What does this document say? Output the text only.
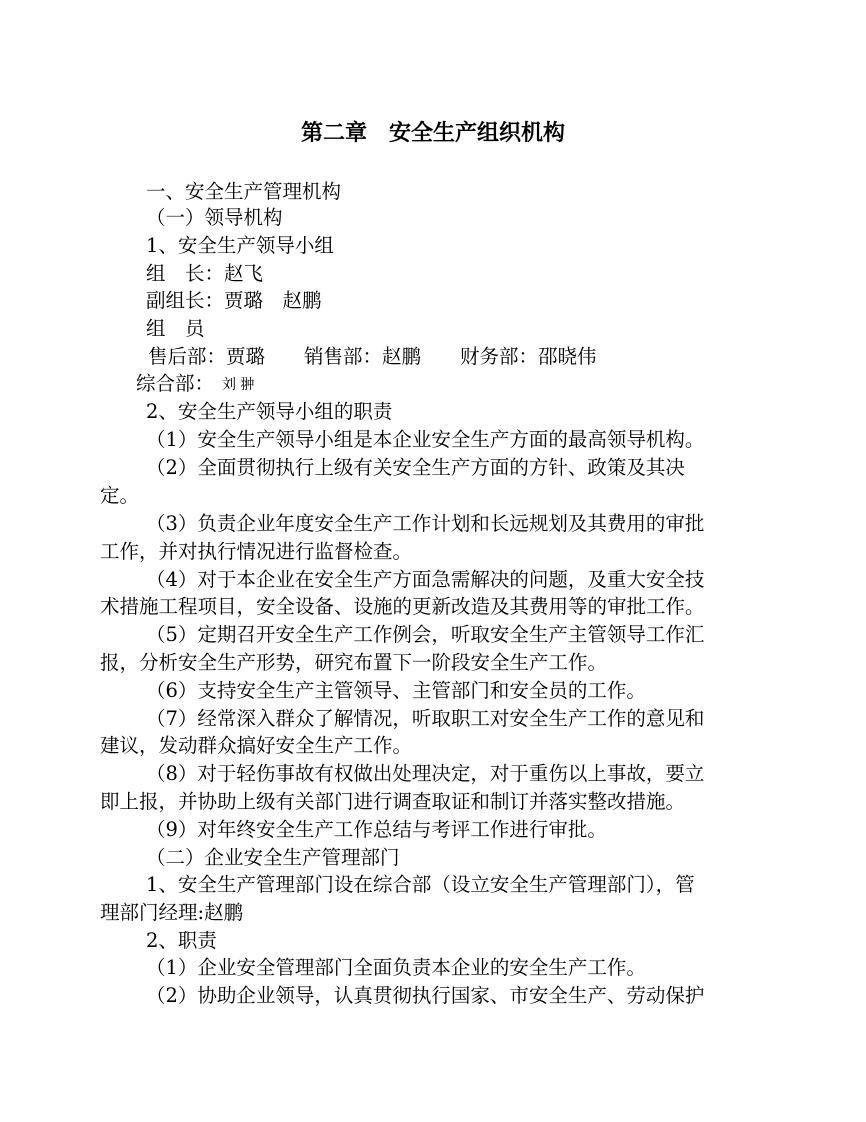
第二章　安全生产组织机构
一、安全生产管理机构
（一）领导机构
1、安全生产领导小组
组　长：赵飞
副组长：贾璐　赵鹏
组　员
售后部：贾璐　　销售部：赵鹏　　财务部：邵晓伟
综合部： 刘 翀
2、安全生产领导小组的职责
（1）安全生产领导小组是本企业安全生产方面的最高领导机构。
（2）全面贯彻执行上级有关安全生产方面的方针、政策及其决
定。
（3）负责企业年度安全生产工作计划和长远规划及其费用的审批
工作，并对执行情况进行监督检查。
（4）对于本企业在安全生产方面急需解决的问题，及重大安全技
术措施工程项目，安全设备、设施的更新改造及其费用等的审批工作。
（5）定期召开安全生产工作例会，听取安全生产主管领导工作汇
报，分析安全生产形势，研究布置下一阶段安全生产工作。
（6）支持安全生产主管领导、主管部门和安全员的工作。
（7）经常深入群众了解情况，听取职工对安全生产工作的意见和
建议，发动群众搞好安全生产工作。
（8）对于轻伤事故有权做出处理决定，对于重伤以上事故，要立
即上报，并协助上级有关部门进行调查取证和制订并落实整改措施。
（9）对年终安全生产工作总结与考评工作进行审批。
（二）企业安全生产管理部门
1、安全生产管理部门设在综合部（设立安全生产管理部门），管
理部门经理:赵鹏
2、职责
（1）企业安全管理部门全面负责本企业的安全生产工作。
（2）协助企业领导，认真贯彻执行国家、市安全生产、劳动保护
